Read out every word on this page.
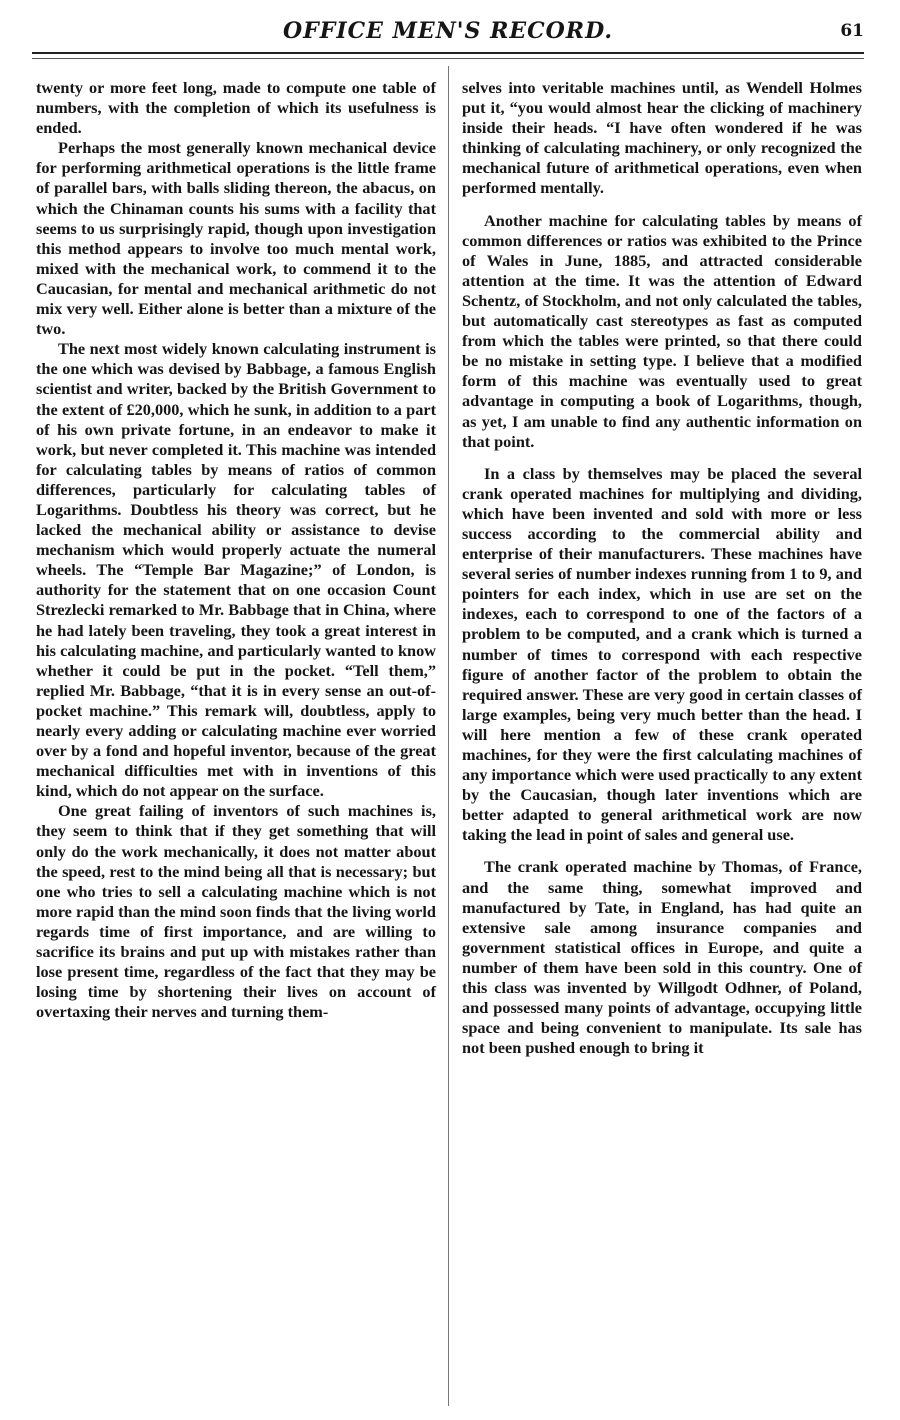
OFFICE MEN'S RECORD.	61

twenty or more feet long, made to compute one table of numbers, with the completion of which its usefulness is ended.

Perhaps the most generally known mechanical device for performing arithmetical operations is the little frame of parallel bars, with balls sliding thereon, the abacus, on which the Chinaman counts his sums with a facility that seems to us surprisingly rapid, though upon investigation this method appears to involve too much mental work, mixed with the mechanical work, to commend it to the Caucasian, for mental and mechanical arithmetic do not mix very well. Either alone is better than a mixture of the two.

The next most widely known calculating instrument is the one which was devised by Babbage, a famous English scientist and writer, backed by the British Government to the extent of £20,000, which he sunk, in addition to a part of his own private fortune, in an endeavor to make it work, but never completed it. This machine was intended for calculating tables by means of ratios of common differences, particularly for calculating tables of Logarithms. Doubtless his theory was correct, but he lacked the mechanical ability or assistance to devise mechanism which would properly actuate the numeral wheels. The “Temple Bar Magazine;” of London, is authority for the statement that on one occasion Count Strezlecki remarked to Mr. Babbage that in China, where he had lately been traveling, they took a great interest in his calculating machine, and particularly wanted to know whether it could be put in the pocket. “Tell them,” replied Mr. Babbage, “that it is in every sense an out-of-pocket machine.” This remark will, doubtless, apply to nearly every adding or calculating machine ever worried over by a fond and hopeful inventor, because of the great mechanical difficulties met with in inventions of this kind, which do not appear on the surface.

One great failing of inventors of such machines is, they seem to think that if they get something that will only do the work mechanically, it does not matter about the speed, rest to the mind being all that is necessary; but one who tries to sell a calculating machine which is not more rapid than the mind soon finds that the living world regards time of first importance, and are willing to sacrifice its brains and put up with mistakes rather than lose present time, regardless of the fact that they may be losing time by shortening their lives on account of overtaxing their nerves and turning them-

selves into veritable machines until, as Wendell Holmes put it, “you would almost hear the clicking of machinery inside their heads. “I have often wondered if he was thinking of calculating machinery, or only recognized the mechanical future of arithmetical operations, even when performed mentally.

Another machine for calculating tables by means of common differences or ratios was exhibited to the Prince of Wales in June, 1885, and attracted considerable attention at the time. It was the attention of Edward Schentz, of Stockholm, and not only calculated the tables, but automatically cast stereotypes as fast as computed from which the tables were printed, so that there could be no mistake in setting type. I believe that a modified form of this machine was eventually used to great advantage in computing a book of Logarithms, though, as yet, I am unable to find any authentic information on that point.

In a class by themselves may be placed the several crank operated machines for multiplying and dividing, which have been invented and sold with more or less success according to the commercial ability and enterprise of their manufacturers. These machines have several series of number indexes running from 1 to 9, and pointers for each index, which in use are set on the indexes, each to correspond to one of the factors of a problem to be computed, and a crank which is turned a number of times to correspond with each respective figure of another factor of the problem to obtain the required answer. These are very good in certain classes of large examples, being very much better than the head. I will here mention a few of these crank operated machines, for they were the first calculating machines of any importance which were used practically to any extent by the Caucasian, though later inventions which are better adapted to general arithmetical work are now taking the lead in point of sales and general use.

The crank operated machine by Thomas, of France, and the same thing, somewhat improved and manufactured by Tate, in England, has had quite an extensive sale among insurance companies and government statistical offices in Europe, and quite a number of them have been sold in this country. One of this class was invented by Willgodt Odhner, of Poland, and possessed many points of advantage, occupying little space and being convenient to manipulate. Its sale has not been pushed enough to bring it
